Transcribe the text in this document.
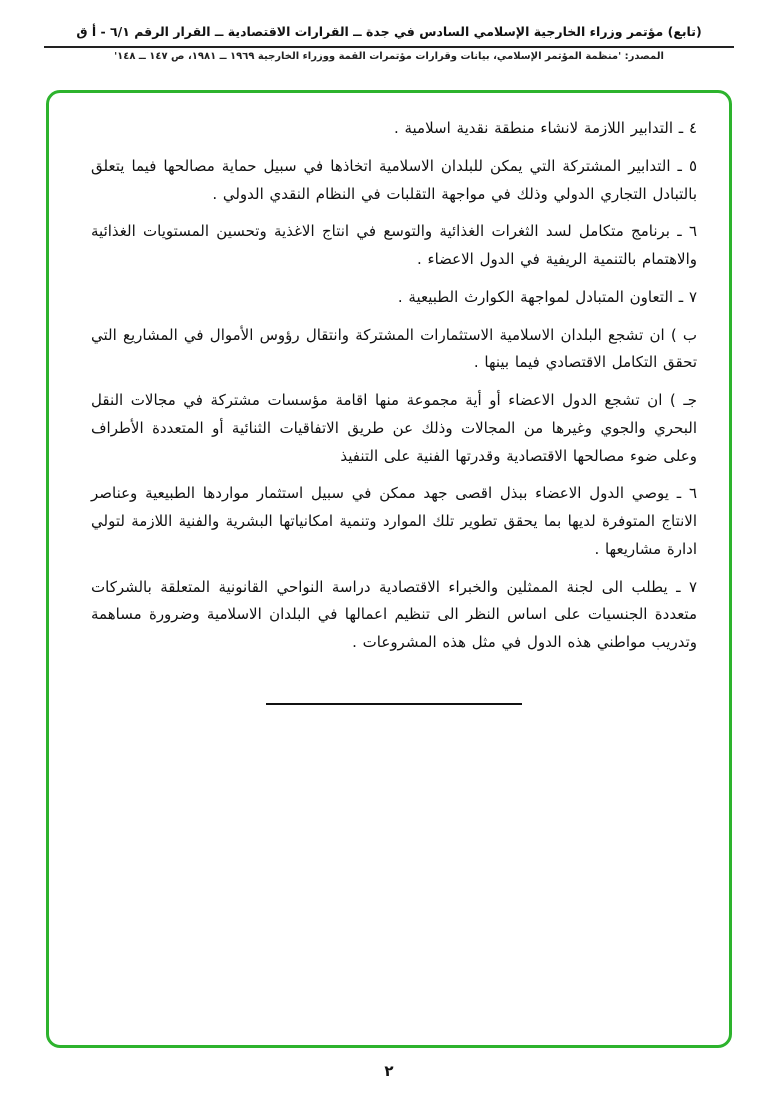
(تابع) مؤتمر وزراء الخارجية الإسلامي السادس في جدة ــ القرارات الاقتصادية ــ القرار الرقم ٦/١ - أ ق
المصدر: 'منظمة المؤتمر الإسلامي، بيانات وقرارات مؤتمرات القمة ووزراء الخارجية ١٩٦٩ ــ ١٩٨١، ص ١٤٧ ــ ١٤٨'

٤ ـ التدابير اللازمة لانشاء منطقة نقدية اسلامية .

٥ ـ التدابير المشتركة التي يمكن للبلدان الاسلامية اتخاذها في سبيل حماية مصالحها فيما يتعلق بالتبادل التجاري الدولي وذلك في مواجهة التقلبات في النظام النقدي الدولي .

٦ ـ برنامج متكامل لسد الثغرات الغذائية والتوسع في انتاج الاغذية وتحسين المستويات الغذائية والاهتمام بالتنمية الريفية في الدول الاعضاء .

٧ ـ التعاون المتبادل لمواجهة الكوارث الطبيعية .

ب ) ان تشجع البلدان الاسلامية الاستثمارات المشتركة وانتقال رؤوس الأموال في المشاريع التي تحقق التكامل الاقتصادي فيما بينها .

جـ ) ان تشجع الدول الاعضاء أو أية مجموعة منها اقامة مؤسسات مشتركة في مجالات النقل البحري والجوي وغيرها من المجالات وذلك عن طريق الاتفاقيات الثنائية أو المتعددة الأطراف وعلى ضوء مصالحها الاقتصادية وقدرتها الفنية على التنفيذ

٦ ـ يوصي الدول الاعضاء ببذل اقصى جهد ممكن في سبيل استثمار مواردها الطبيعية وعناصر الانتاج المتوفرة لديها بما يحقق تطوير تلك الموارد وتنمية امكانياتها البشرية والفنية اللازمة لتولي ادارة مشاريعها .

٧ ـ يطلب الى لجنة الممثلين والخبراء الاقتصادية دراسة النواحي القانونية المتعلقة بالشركات متعددة الجنسيات على اساس النظر الى تنظيم اعمالها في البلدان الاسلامية وضرورة مساهمة وتدريب مواطني هذه الدول في مثل هذه المشروعات .

٢
